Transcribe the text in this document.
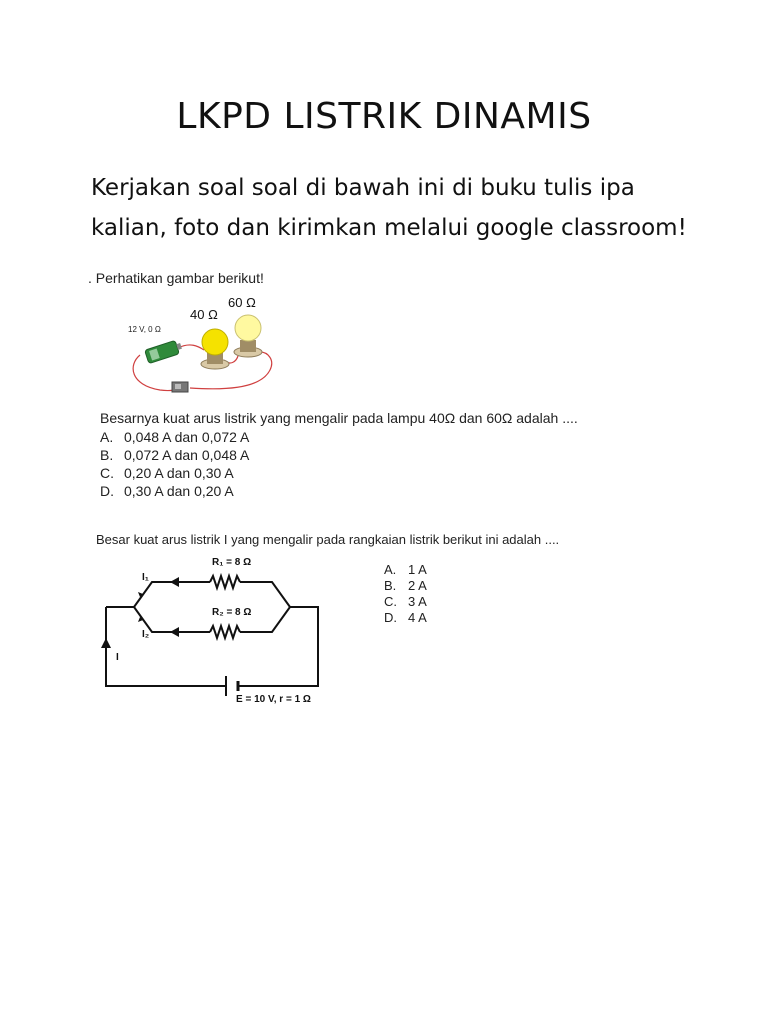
LKPD LISTRIK DINAMIS
Kerjakan soal soal di bawah ini di buku tulis ipa
kalian, foto dan kirimkan melalui google classroom!
. Perhatikan gambar berikut!
12 V, 0 Ω
40 Ω
60 Ω
Besarnya kuat arus listrik yang mengalir pada lampu 40Ω dan 60Ω adalah ....
A. 0,048 A dan 0,072 A
B. 0,072 A dan 0,048 A
C. 0,20 A dan 0,30 A
D. 0,30 A dan 0,20 A
Besar kuat arus listrik I yang mengalir pada rangkaian listrik berikut ini adalah ....
R₁ = 8 Ω
R₂ = 8 Ω
I₁
I₂
I
E = 10 V, r = 1 Ω
A. 1 A
B. 2 A
C. 3 A
D. 4 A
